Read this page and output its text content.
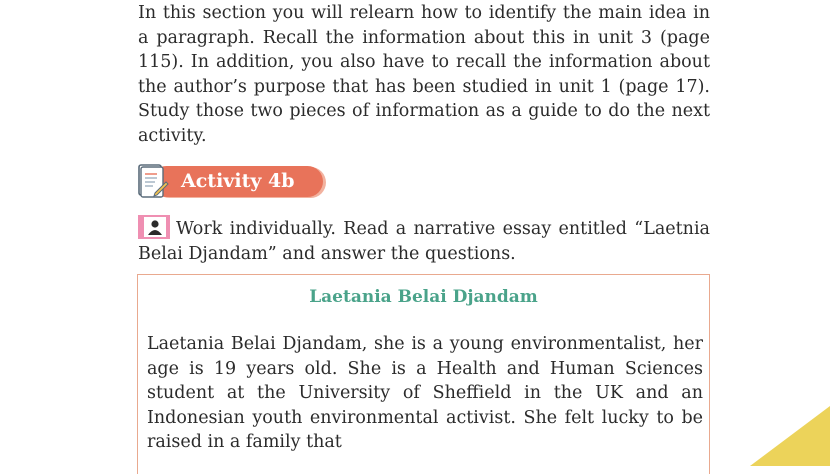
In this section you will relearn how to identify the main idea in a paragraph. Recall the information about this in unit 3 (page 115). In addition, you also have to recall the information about the author’s purpose that has been studied in unit 1 (page 17). Study those two pieces of information as a guide to do the next activity.

Activity 4b

Work individually. Read a narrative essay entitled “Laetnia Belai Djandam” and answer the questions.

Laetania Belai Djandam

Laetania Belai Djandam, she is a young environmentalist, her age is 19 years old. She is a Health and Human Sciences student at the University of Sheffield in the UK and an Indonesian youth environmental activist. She felt lucky to be raised in a family that
